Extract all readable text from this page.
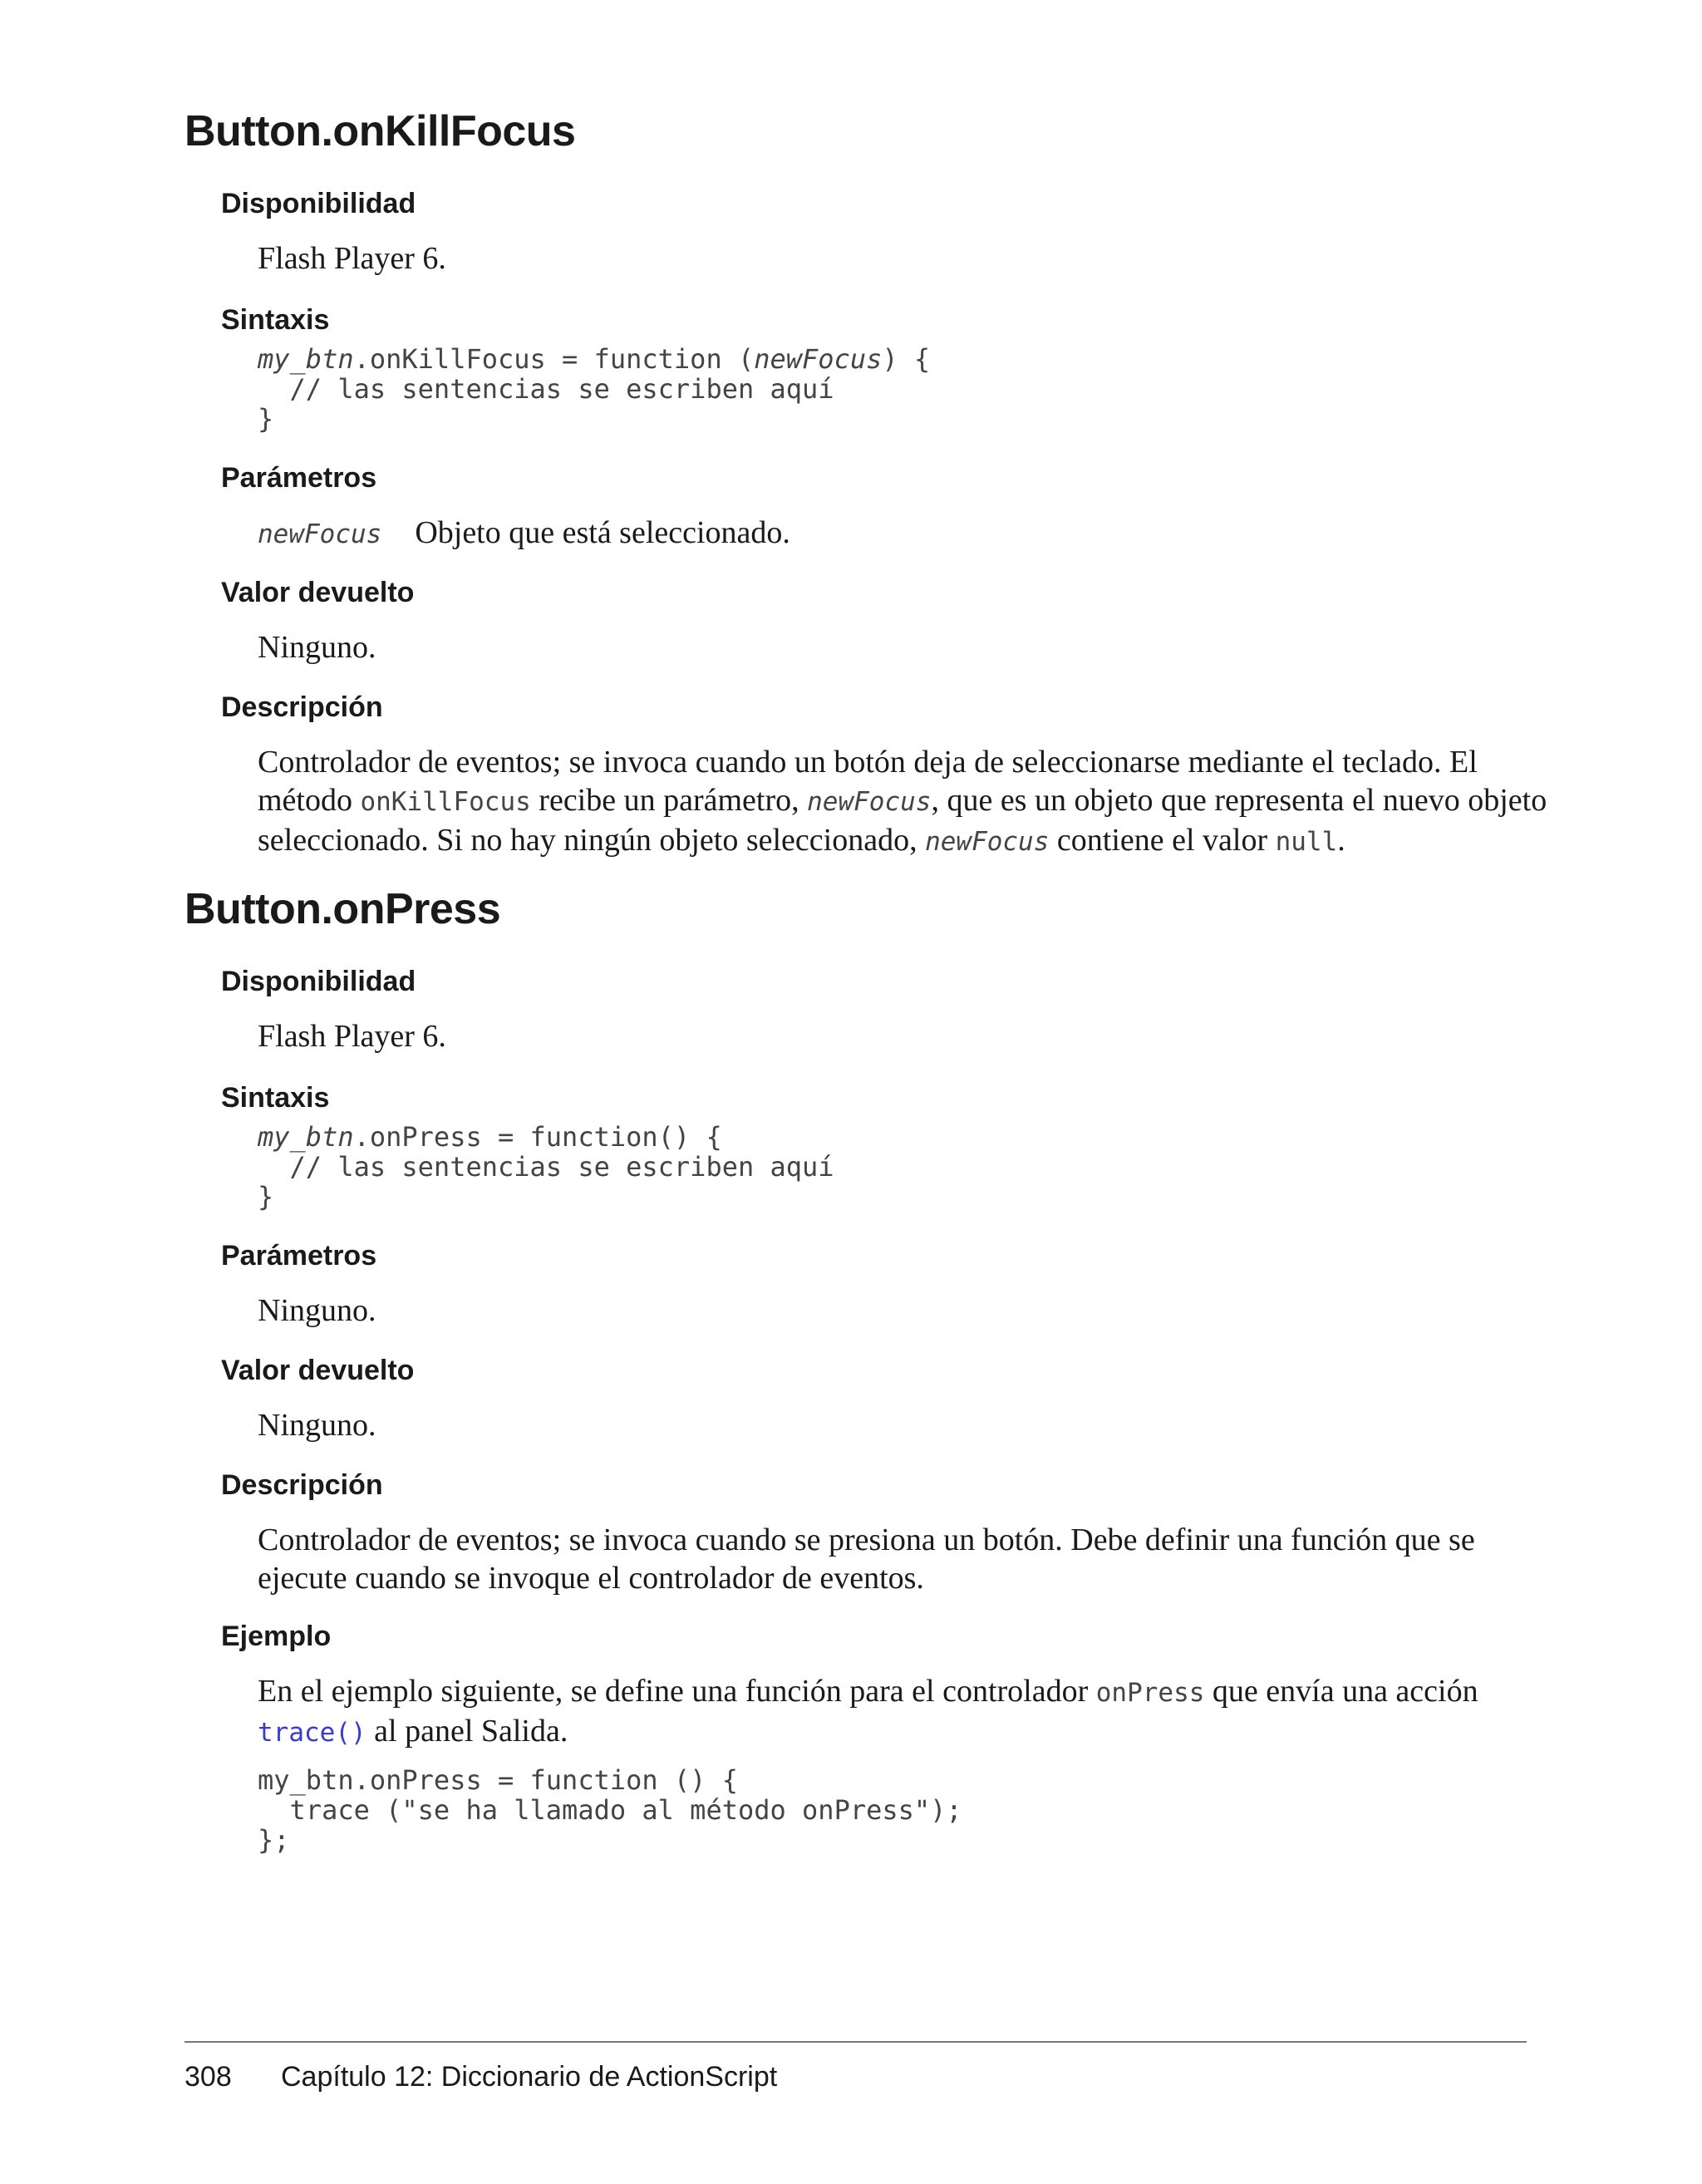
Button.onKillFocus
Disponibilidad

Flash Player 6.

Sintaxis
my_btn.onKillFocus = function (newFocus) {
// las sentencias se escriben aquí
}
Parámetros
newFocus Objeto que está seleccionado.
Valor devuelto

Ninguno.

Descripción

Controlador de eventos; se invoca cuando un botón deja de seleccionarse mediante el teclado. El método onKillFocus recibe un parámetro, newFocus, que es un objeto que representa el nuevo objeto seleccionado. Si no hay ningún objeto seleccionado, newFocus contiene el valor null.

Button.onPress
Disponibilidad

Flash Player 6.

Sintaxis
my_btn.onPress = function() {
// las sentencias se escriben aquí
}
Parámetros

Ninguno.

Valor devuelto

Ninguno.

Descripción

Controlador de eventos; se invoca cuando se presiona un botón. Debe definir una función que se ejecute cuando se invoque el controlador de eventos.

Ejemplo

En el ejemplo siguiente, se define una función para el controlador onPress que envía una acción trace() al panel Salida.

my_btn.onPress = function () {
trace ("se ha llamado al método onPress");
};
308 Capítulo 12: Diccionario de ActionScript
